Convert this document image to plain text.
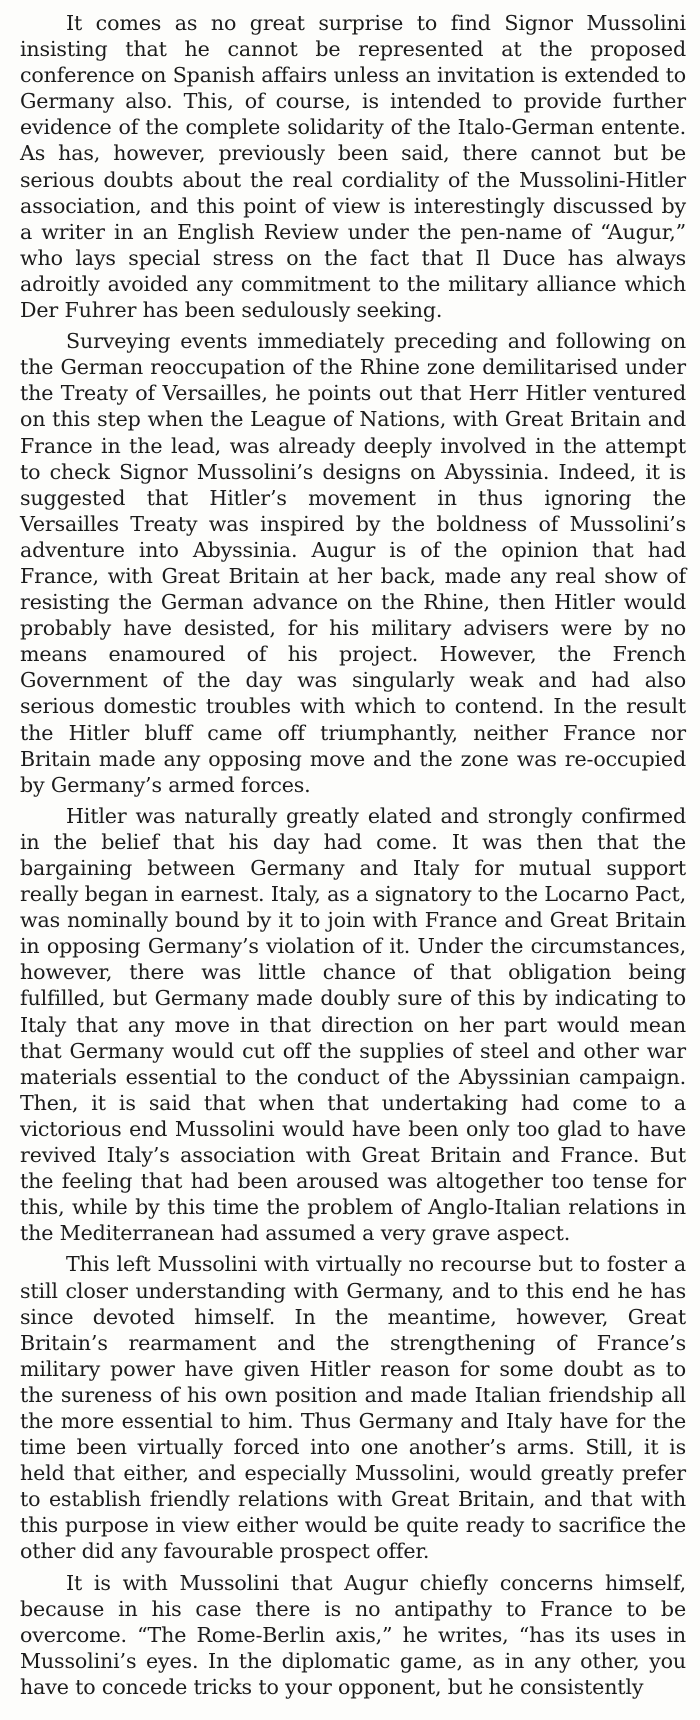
It comes as no great surprise to find Signor Mussolini insisting that he cannot be represented at the proposed conference on Spanish affairs unless an invitation is extended to Germany also. This, of course, is intended to provide further evidence of the complete solidarity of the Italo-German entente. As has, however, previously been said, there cannot but be serious doubts about the real cordiality of the Mussolini-Hitler association, and this point of view is interestingly discussed by a writer in an English Review under the pen-name of “Augur,” who lays special stress on the fact that Il Duce has always adroitly avoided any commitment to the military alliance which Der Fuhrer has been sedulously seeking.

Surveying events immediately preceding and following on the German reoccupation of the Rhine zone demilitarised under the Treaty of Versailles, he points out that Herr Hitler ventured on this step when the League of Nations, with Great Britain and France in the lead, was already deeply involved in the attempt to check Signor Mussolini’s designs on Abyssinia. Indeed, it is suggested that Hitler’s movement in thus ignoring the Versailles Treaty was inspired by the boldness of Mussolini’s adventure into Abyssinia. Augur is of the opinion that had France, with Great Britain at her back, made any real show of resisting the German advance on the Rhine, then Hitler would probably have desisted, for his military advisers were by no means enamoured of his project. However, the French Government of the day was singularly weak and had also serious domestic troubles with which to contend. In the result the Hitler bluff came off triumphantly, neither France nor Britain made any opposing move and the zone was re-occupied by Germany’s armed forces.

Hitler was naturally greatly elated and strongly confirmed in the belief that his day had come. It was then that the bargaining between Germany and Italy for mutual support really began in earnest. Italy, as a signatory to the Locarno Pact, was nominally bound by it to join with France and Great Britain in opposing Germany’s violation of it. Under the circumstances, however, there was little chance of that obligation being fulfilled, but Germany made doubly sure of this by indicating to Italy that any move in that direction on her part would mean that Germany would cut off the supplies of steel and other war materials essential to the conduct of the Abyssinian campaign. Then, it is said that when that undertaking had come to a victorious end Mussolini would have been only too glad to have revived Italy’s association with Great Britain and France. But the feeling that had been aroused was altogether too tense for this, while by this time the problem of Anglo-Italian relations in the Mediterranean had assumed a very grave aspect.

This left Mussolini with virtually no recourse but to foster a still closer understanding with Germany, and to this end he has since devoted himself. In the meantime, however, Great Britain’s rearmament and the strengthening of France’s military power have given Hitler reason for some doubt as to the sureness of his own position and made Italian friendship all the more essential to him. Thus Germany and Italy have for the time been virtually forced into one another’s arms. Still, it is held that either, and especially Mussolini, would greatly prefer to establish friendly relations with Great Britain, and that with this purpose in view either would be quite ready to sacrifice the other did any favourable prospect offer.

It is with Mussolini that Augur chiefly concerns himself, because in his case there is no antipathy to France to be overcome. “The Rome-Berlin axis,” he writes, “has its uses in Mussolini’s eyes. In the diplomatic game, as in any other, you have to concede tricks to your opponent, but he consistently
